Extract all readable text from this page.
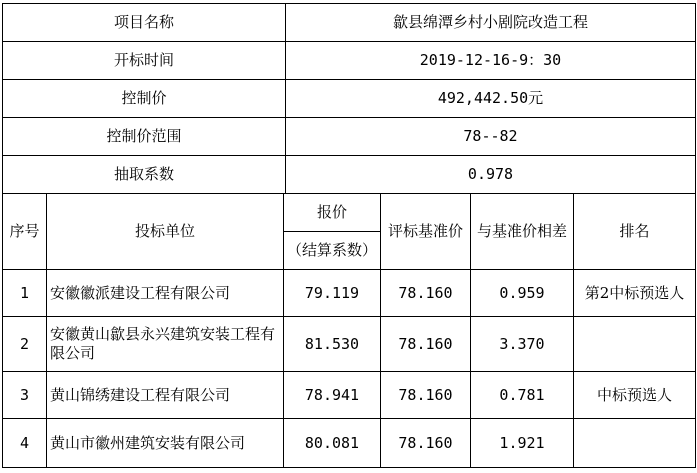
项目名称	歙县绵潭乡村小剧院改造工程
开标时间	2019-12-16-9：30
控制价	492,442.50元
控制价范围	78--82
抽取系数	0.978
序号	投标单位	报价	评标基准价	与基准价相差	排名
		（结算系数）			
1	安徽徽派建设工程有限公司	79.119	78.160	0.959	第2中标预选人
2	安徽黄山歙县永兴建筑安装工程有限公司	81.530	78.160	3.370	
3	黄山锦绣建设工程有限公司	78.941	78.160	0.781	中标预选人
4	黄山市徽州建筑安装有限公司	80.081	78.160	1.921	
